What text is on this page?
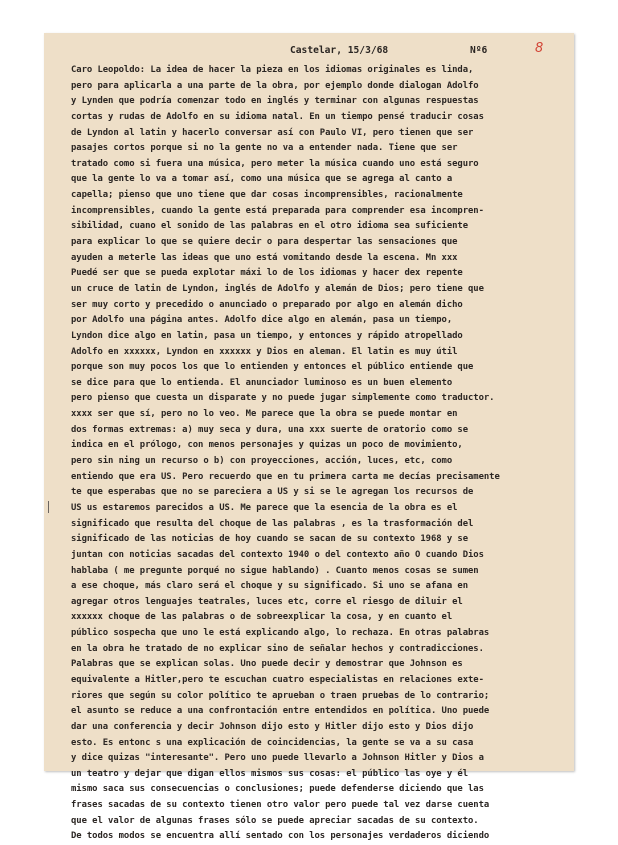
Castelar, 15/3/68	Nº6	8
Caro Leopoldo: La idea de hacer la pieza en los idiomas originales es linda,
pero para aplicarla a una parte de la obra, por ejemplo donde dialogan Adolfo
y Lynden que podría comenzar todo en inglés y terminar con algunas respuestas
cortas y rudas de Adolfo en su idioma natal. En un tiempo pensé traducir cosas
de Lyndon al latin y hacerlo conversar así con Paulo VI, pero tienen que ser
pasajes cortos porque si no la gente no va a entender nada. Tiene que ser
tratado como si fuera una música, pero meter la música cuando uno está seguro
que la gente lo va a tomar así, como una música que se agrega al canto a
capella; pienso que uno tiene que dar cosas incomprensibles, racionalmente
incomprensibles, cuando la gente está preparada para comprender esa incompren-
sibilidad, cuano el sonido de las palabras en el otro idioma sea suficiente
para explicar lo que se quiere decir o para despertar las sensaciones que
ayuden a meterle las ideas que uno está vomitando desde la escena. Mn xxx
Puedé ser que se pueda explotar máxi lo de los idiomas y hacer dex repente
un cruce de latin de Lyndon, inglés de Adolfo y alemán de Dios; pero tiene que
ser muy corto y precedido o anunciado o preparado por algo en alemán dicho
por Adolfo una página antes. Adolfo dice algo en alemán, pasa un tiempo,
Lyndon dice algo en latin, pasa un tiempo, y entonces y rápido atropellado
Adolfo en xxxxxx, Lyndon en xxxxxx y Dios en aleman. El latin es muy útil
porque son muy pocos los que lo entienden y entonces el público entiende que
se dice para que lo entienda. El anunciador luminoso es un buen elemento
pero pienso que cuesta un disparate y no puede jugar simplemente como traductor.
xxxx ser que sí, pero no lo veo. Me parece que la obra se puede montar en
dos formas extremas: a) muy seca y dura, una xxx suerte de oratorio como se
indica en el prólogo, con menos personajes y quizas un poco de movimiento,
pero sin ning un recurso o b) con proyecciones, acción, luces, etc, como
entiendo que era US. Pero recuerdo que en tu primera carta me decías precisamente
te que esperabas que no se pareciera a US y si se le agregan los recursos de
US us estaremos parecidos a US. Me parece que la esencia de la obra es el
significado que resulta del choque de las palabras , es la trasformación del
significado de las noticias de hoy cuando se sacan de su contexto 1968 y se
juntan con noticias sacadas del contexto 1940 o del contexto año O cuando Dios
hablaba ( me pregunte porqué no sigue hablando) . Cuanto menos cosas se sumen
a ese choque, más claro será el choque y su significado. Si uno se afana en
agregar otros lenguajes teatrales, luces etc, corre el riesgo de diluir el
xxxxxx choque de las palabras o de sobreexplicar la cosa, y en cuanto el
público sospecha que uno le está explicando algo, lo rechaza. En otras palabras
en la obra he tratado de no explicar sino de señalar hechos y contradicciones.
Palabras que se explican solas. Uno puede decir y demostrar que Johnson es
equivalente a Hitler,pero te escuchan cuatro especialistas en relaciones exte-
riores que según su color político te aprueban o traen pruebas de lo contrario;
el asunto se reduce a una confrontación entre entendidos en política. Uno puede
dar una conferencia y decir Johnson dijo esto y Hitler dijo esto y Dios dijo
esto. Es entonc s una explicación de coincidencias, la gente se va a su casa
y dice quizas "interesante". Pero uno puede llevarlo a Johnson Hitler y Dios a
un teatro y dejar que digan ellos mismos sus cosas: el público las oye y él
mismo saca sus consecuencias o conclusiones; puede defenderse diciendo que las
frases sacadas de su contexto tienen otro valor pero puede tal vez darse cuenta
que el valor de algunas frases sólo se puede apreciar sacadas de su contexto.
De todos modos se encuentra allí sentado con los personajes verdaderos diciendo
